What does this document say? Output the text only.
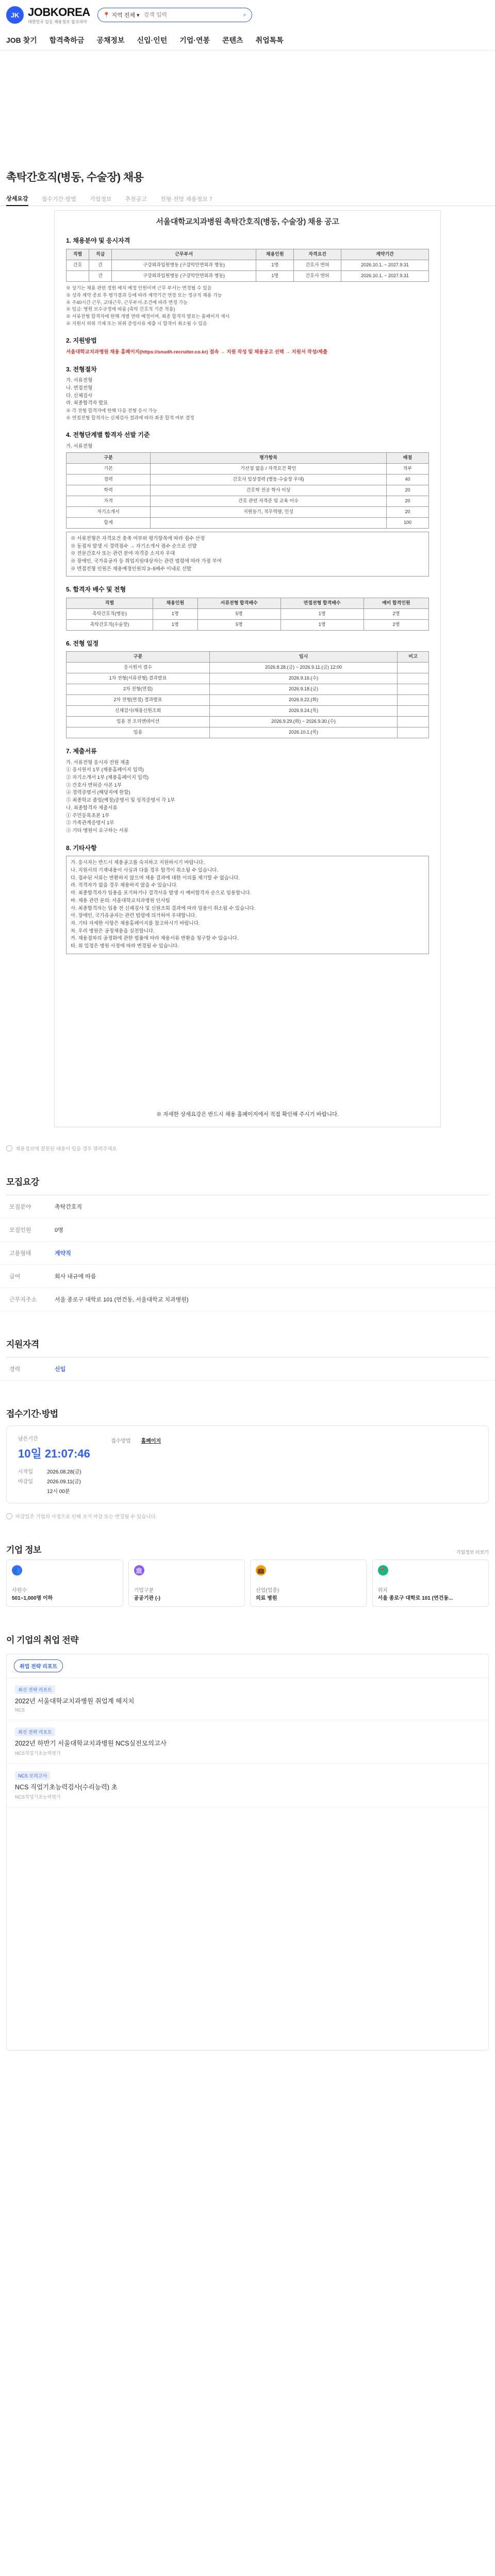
JK JOBKOREA
대한민국 일등 채용정보 잡코리아
📍 지역 전체 ▾
검색 입력	⌕
JOB 찾기 합격축하금 공채정보 신입·인턴 기업·연봉 콘텐츠 취업톡톡
촉탁간호직(병동, 수술장) 채용
상세요강 접수기간·방법 기업정보 추천공고 전형·전망 채용정보 7
서울대학교치과병원 촉탁간호직(병동, 수술장) 채용 공고
1. 채용분야 및 응시자격
직렬	직급	근무부서	채용인원	자격요건	계약기간
간호	간	구강외과입원병동 (구강악안면외과 병동)	1명	간호사 면허	2026.10.1. ~ 2027.9.31
	간	구강외과입원병동 (구강악안면외과 병동)	1명	간호사 면허	2026.10.1. ~ 2027.9.31
※ 상기는 채용 관련 정원 배치 예정 인원이며 근무 부서는 변경될 수 있음
※ 성과 계약 종료 후 평가결과 등에 따라 계약기간 연장 또는 정규직 채용 가능
※ 주40시간 근무, 교대근무, 근무부서·조건에 따라 변경 가능
※ 임금: 병원 보수규정에 따름 (촉탁 간호직 기준 적용)
※ 서류전형 합격자에 한해 개별 연락 예정이며, 최종 합격자 발표는 홈페이지 게시
※ 지원서 허위 기재 또는 허위 증빙서류 제출 시 합격이 취소될 수 있음
2. 지원방법
서울대학교치과병원 채용 홈페이지(https://snudh.recruiter.co.kr) 접속 → 지원 작성 및 채용공고 선택 → 지원서 작성/제출
3. 전형절차
가. 서류전형
나. 면접전형
다. 신체검사
라. 최종합격자 발표
※ 각 전형 합격자에 한해 다음 전형 응시 가능
※ 면접전형 합격자는 신체검사 결과에 따라 최종 합격 여부 결정
4. 전형단계별 합격자 선발 기준
가. 서류전형
구분	평가항목	배점
기본	가산점 없음 / 자격요건 확인	적부
경력	간호사 임상경력 (병동·수술장 우대)	40
학력	간호학 전공 학사 이상	20
자격	간호 관련 자격증 및 교육 이수	20
자기소개서	지원동기, 직무역량, 인성	20
합계		100
※ 서류전형은 자격요건 충족 여부와 평가항목에 따라 점수 산정
※ 동점자 발생 시 경력점수 → 자기소개서 점수 순으로 선발
※ 전문간호사 또는 관련 분야 자격증 소지자 우대
※ 장애인, 국가유공자 등 취업지원대상자는 관련 법령에 따라 가점 부여
※ 면접전형 인원은 채용예정인원의 3~5배수 이내로 선발
5. 합격자 배수 및 전형
직렬	채용인원	서류전형 합격배수	면접전형 합격배수	예비 합격인원
촉탁간호직(병동)	1명	5명	1명	2명
촉탁간호직(수술장)	1명	5명	1명	2명
6. 전형 일정
구분	일시	비고
응시원서 접수	2026.8.28.(금) ~ 2026.9.11.(금) 12:00	
1차 전형(서류전형) 결과발표	2026.9.16.(수)	
2차 전형(면접)	2026.9.18.(금)	
2차 전형(면접) 결과발표	2026.9.22.(화)	
신체검사/채용신원조회	2026.9.24.(목)	
임용 전 오리엔테이션	2026.9.29.(화) ~ 2026.9.30.(수)	
임용	2026.10.1.(목)	
7. 제출서류
가. 서류전형 응시자 전원 제출
① 응시원서 1부 (채용홈페이지 입력)
② 자기소개서 1부 (채용홈페이지 입력)
③ 간호사 면허증 사본 1부
④ 경력증명서 (해당자에 한함)
⑤ 최종학교 졸업(예정)증명서 및 성적증명서 각 1부
나. 최종합격자 제출서류
① 주민등록초본 1부
② 가족관계증명서 1부
③ 기타 병원이 요구하는 서류
8. 기타사항
가. 응시자는 반드시 채용공고를 숙지하고 지원하시기 바랍니다.
나. 지원서의 기재내용이 사실과 다를 경우 합격이 취소될 수 있습니다.
다. 접수된 서류는 반환하지 않으며 채용 결과에 대한 이의를 제기할 수 없습니다.
라. 적격자가 없을 경우 채용하지 않을 수 있습니다.
마. 최종합격자가 임용을 포기하거나 결격사유 발생 시 예비합격자 순으로 임용합니다.
바. 채용 관련 문의: 서울대학교치과병원 인사팀
사. 최종합격자는 임용 전 신체검사 및 신원조회 결과에 따라 임용이 취소될 수 있습니다.
아. 장애인, 국가유공자는 관련 법령에 의거하여 우대합니다.
자. 기타 자세한 사항은 채용홈페이지를 참고하시기 바랍니다.
차. 우리 병원은 공정채용을 실천합니다.
카. 채용절차의 공정화에 관한 법률에 따라 채용서류 반환을 청구할 수 있습니다.
타. 위 일정은 병원 사정에 따라 변경될 수 있습니다.
※ 자세한 상세요강은 반드시 채용 홈페이지에서 직접 확인해 주시기 바랍니다.
채용정보에 잘못된 내용이 있을 경우 알려주세요
모집요강
모집분야	촉탁간호직
모집인원	0명
고용형태	계약직
급여	회사 내규에 따름
근무지주소	서울 종로구 대학로 101 (연건동, 서울대학교 치과병원)
지원자격
경력	신입
접수기간·방법
남은기간
10일 21:07:46
시작일	2026.08.28(금)
마감일	2026.09.11(금)
12시 00분
접수방법 홈페이지
마감일은 기업의 사정으로 인해 조기 마감 또는 변경될 수 있습니다.
기업 정보	기업정보 더보기
👥
사원수
501~1,000명 이하
🏛
기업구분
공공기관 (-)
💼
산업(업종)
의료 병원
📍
위치
서울 종로구 대학로 101 (연건동...
이 기업의 취업 전략
취업 전략 리포트
최신 전략 리포트
2022년 서울대학교치과병원 취업계 헤지치
NCS
최신 전략 리포트
2022년 하반기 서울대학교치과병원 NCS실전모의고사
NCS직업기초능력평가
NCS 모의고사
NCS 직업기초능력검사(수리능력) 초
NCS직업기초능력평가
